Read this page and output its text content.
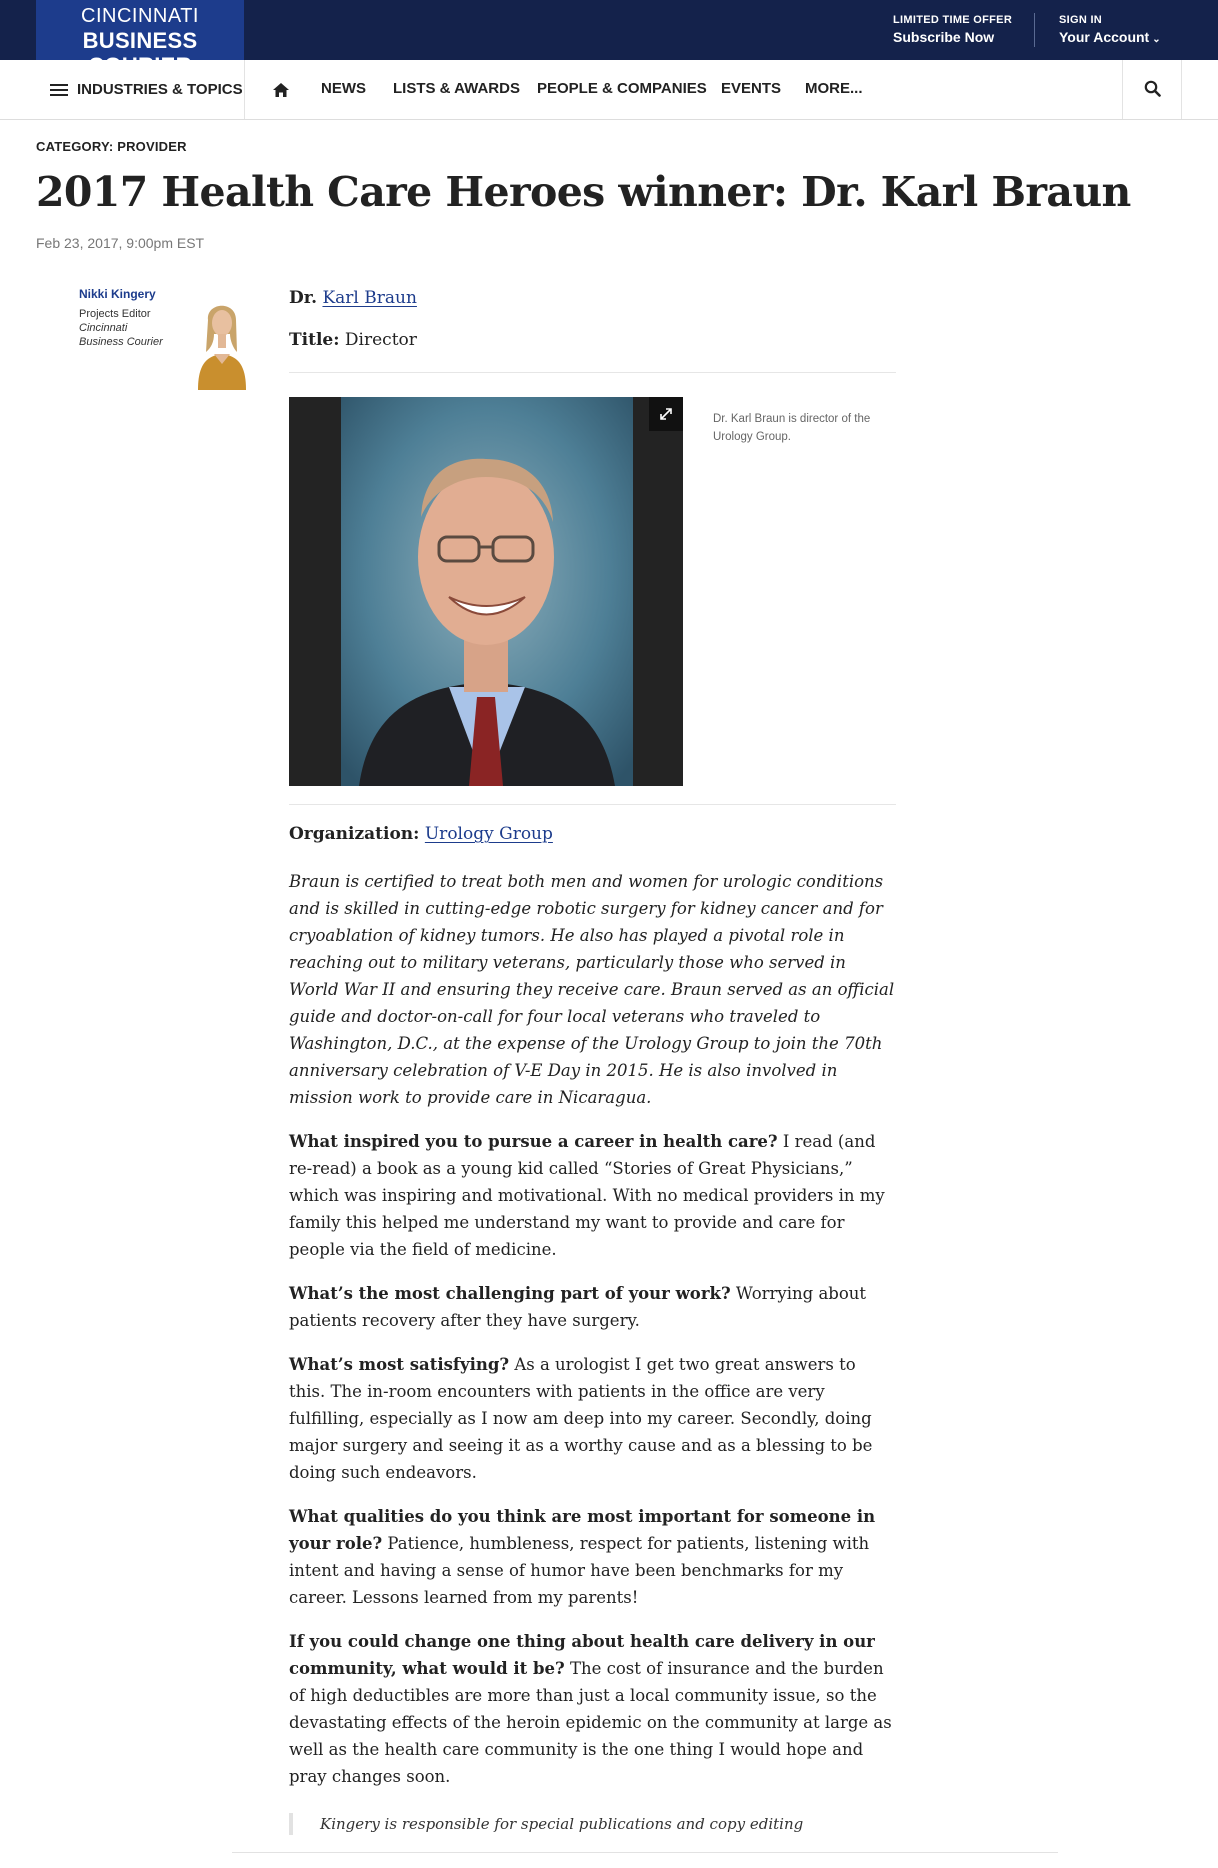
CINCINNATI
BUSINESS
LIMITED TIME OFFER
Subscribe Now
SIGN IN
Your Account ⌄
INDUSTRIES & TOPICS	NEWS LISTS & AWARDS PEOPLE & COMPANIES EVENTS MORE...
CATEGORY: PROVIDER
2017 Health Care Heroes winner: Dr. Karl Braun
Feb 23, 2017, 9:00pm EST
Nikki Kingery
Projects Editor
Cincinnati
Business Courier
Dr. Karl Braun
Title: Director
Dr. Karl Braun is director of the Urology Group.
Organization: Urology Group

Braun is certified to treat both men and women for urologic conditions and is skilled in cutting-edge robotic surgery for kidney cancer and for cryoablation of kidney tumors. He also has played a pivotal role in reaching out to military veterans, particularly those who served in World War II and ensuring they receive care. Braun served as an official guide and doctor-on-call for four local veterans who traveled to Washington, D.C., at the expense of the Urology Group to join the 70th anniversary celebration of V-E Day in 2015. He is also involved in mission work to provide care in Nicaragua.

What inspired you to pursue a career in health care? I read (and re-read) a book as a young kid called “Stories of Great Physicians,” which was inspiring and motivational. With no medical providers in my family this helped me understand my want to provide and care for people via the field of medicine.

What’s the most challenging part of your work? Worrying about patients recovery after they have surgery.

What’s most satisfying? As a urologist I get two great answers to this. The in-room encounters with patients in the office are very fulfilling, especially as I now am deep into my career. Secondly, doing major surgery and seeing it as a worthy cause and as a blessing to be doing such endeavors.

What qualities do you think are most important for someone in your role? Patience, humbleness, respect for patients, listening with intent and having a sense of humor have been benchmarks for my career. Lessons learned from my parents!

If you could change one thing about health care delivery in our community, what would it be? The cost of insurance and the burden of high deductibles are more than just a local community issue, so the devastating effects of the heroin epidemic on the community at large as well as the health care community is the one thing I would hope and pray changes soon.

Kingery is responsible for special publications and copy editing
